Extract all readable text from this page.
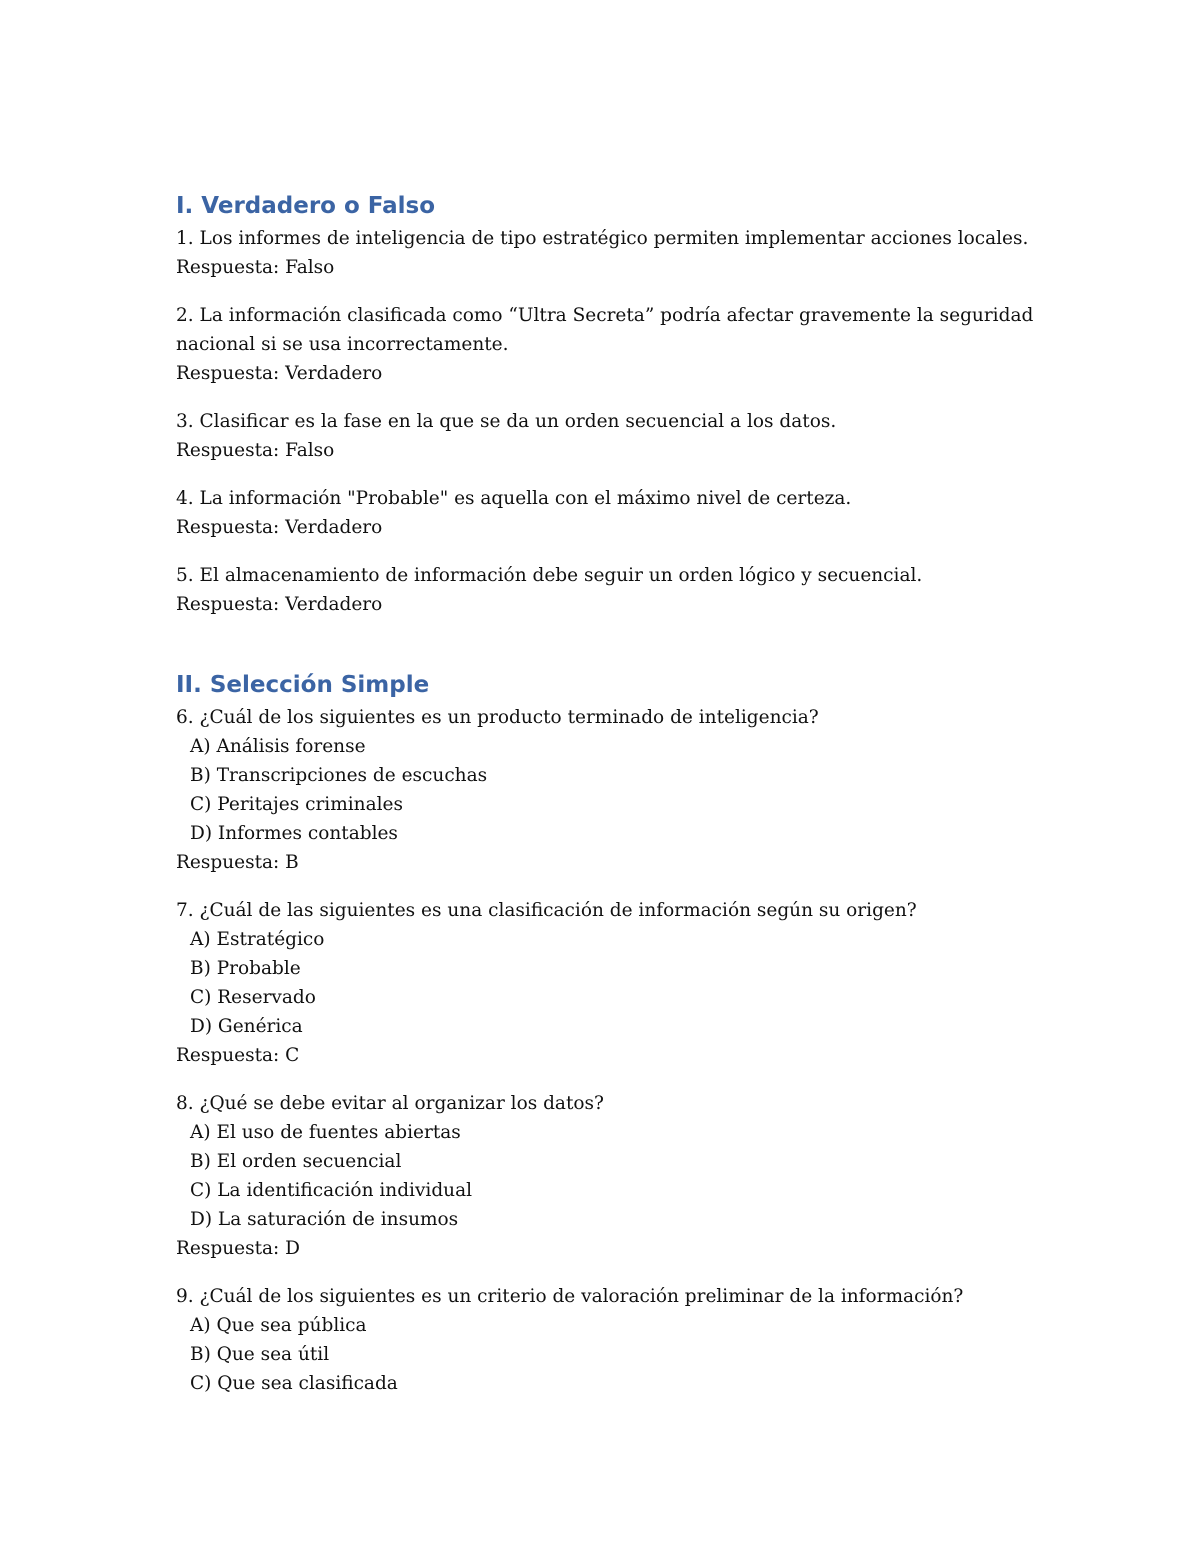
I. Verdadero o Falso
1. Los informes de inteligencia de tipo estratégico permiten implementar acciones locales.
Respuesta: Falso
2. La información clasificada como “Ultra Secreta” podría afectar gravemente la seguridad
nacional si se usa incorrectamente.
Respuesta: Verdadero
3. Clasificar es la fase en la que se da un orden secuencial a los datos.
Respuesta: Falso
4. La información "Probable" es aquella con el máximo nivel de certeza.
Respuesta: Verdadero
5. El almacenamiento de información debe seguir un orden lógico y secuencial.
Respuesta: Verdadero
II. Selección Simple
6. ¿Cuál de los siguientes es un producto terminado de inteligencia?
A) Análisis forense
B) Transcripciones de escuchas
C) Peritajes criminales
D) Informes contables
Respuesta: B
7. ¿Cuál de las siguientes es una clasificación de información según su origen?
A) Estratégico
B) Probable
C) Reservado
D) Genérica
Respuesta: C
8. ¿Qué se debe evitar al organizar los datos?
A) El uso de fuentes abiertas
B) El orden secuencial
C) La identificación individual
D) La saturación de insumos
Respuesta: D
9. ¿Cuál de los siguientes es un criterio de valoración preliminar de la información?
A) Que sea pública
B) Que sea útil
C) Que sea clasificada
